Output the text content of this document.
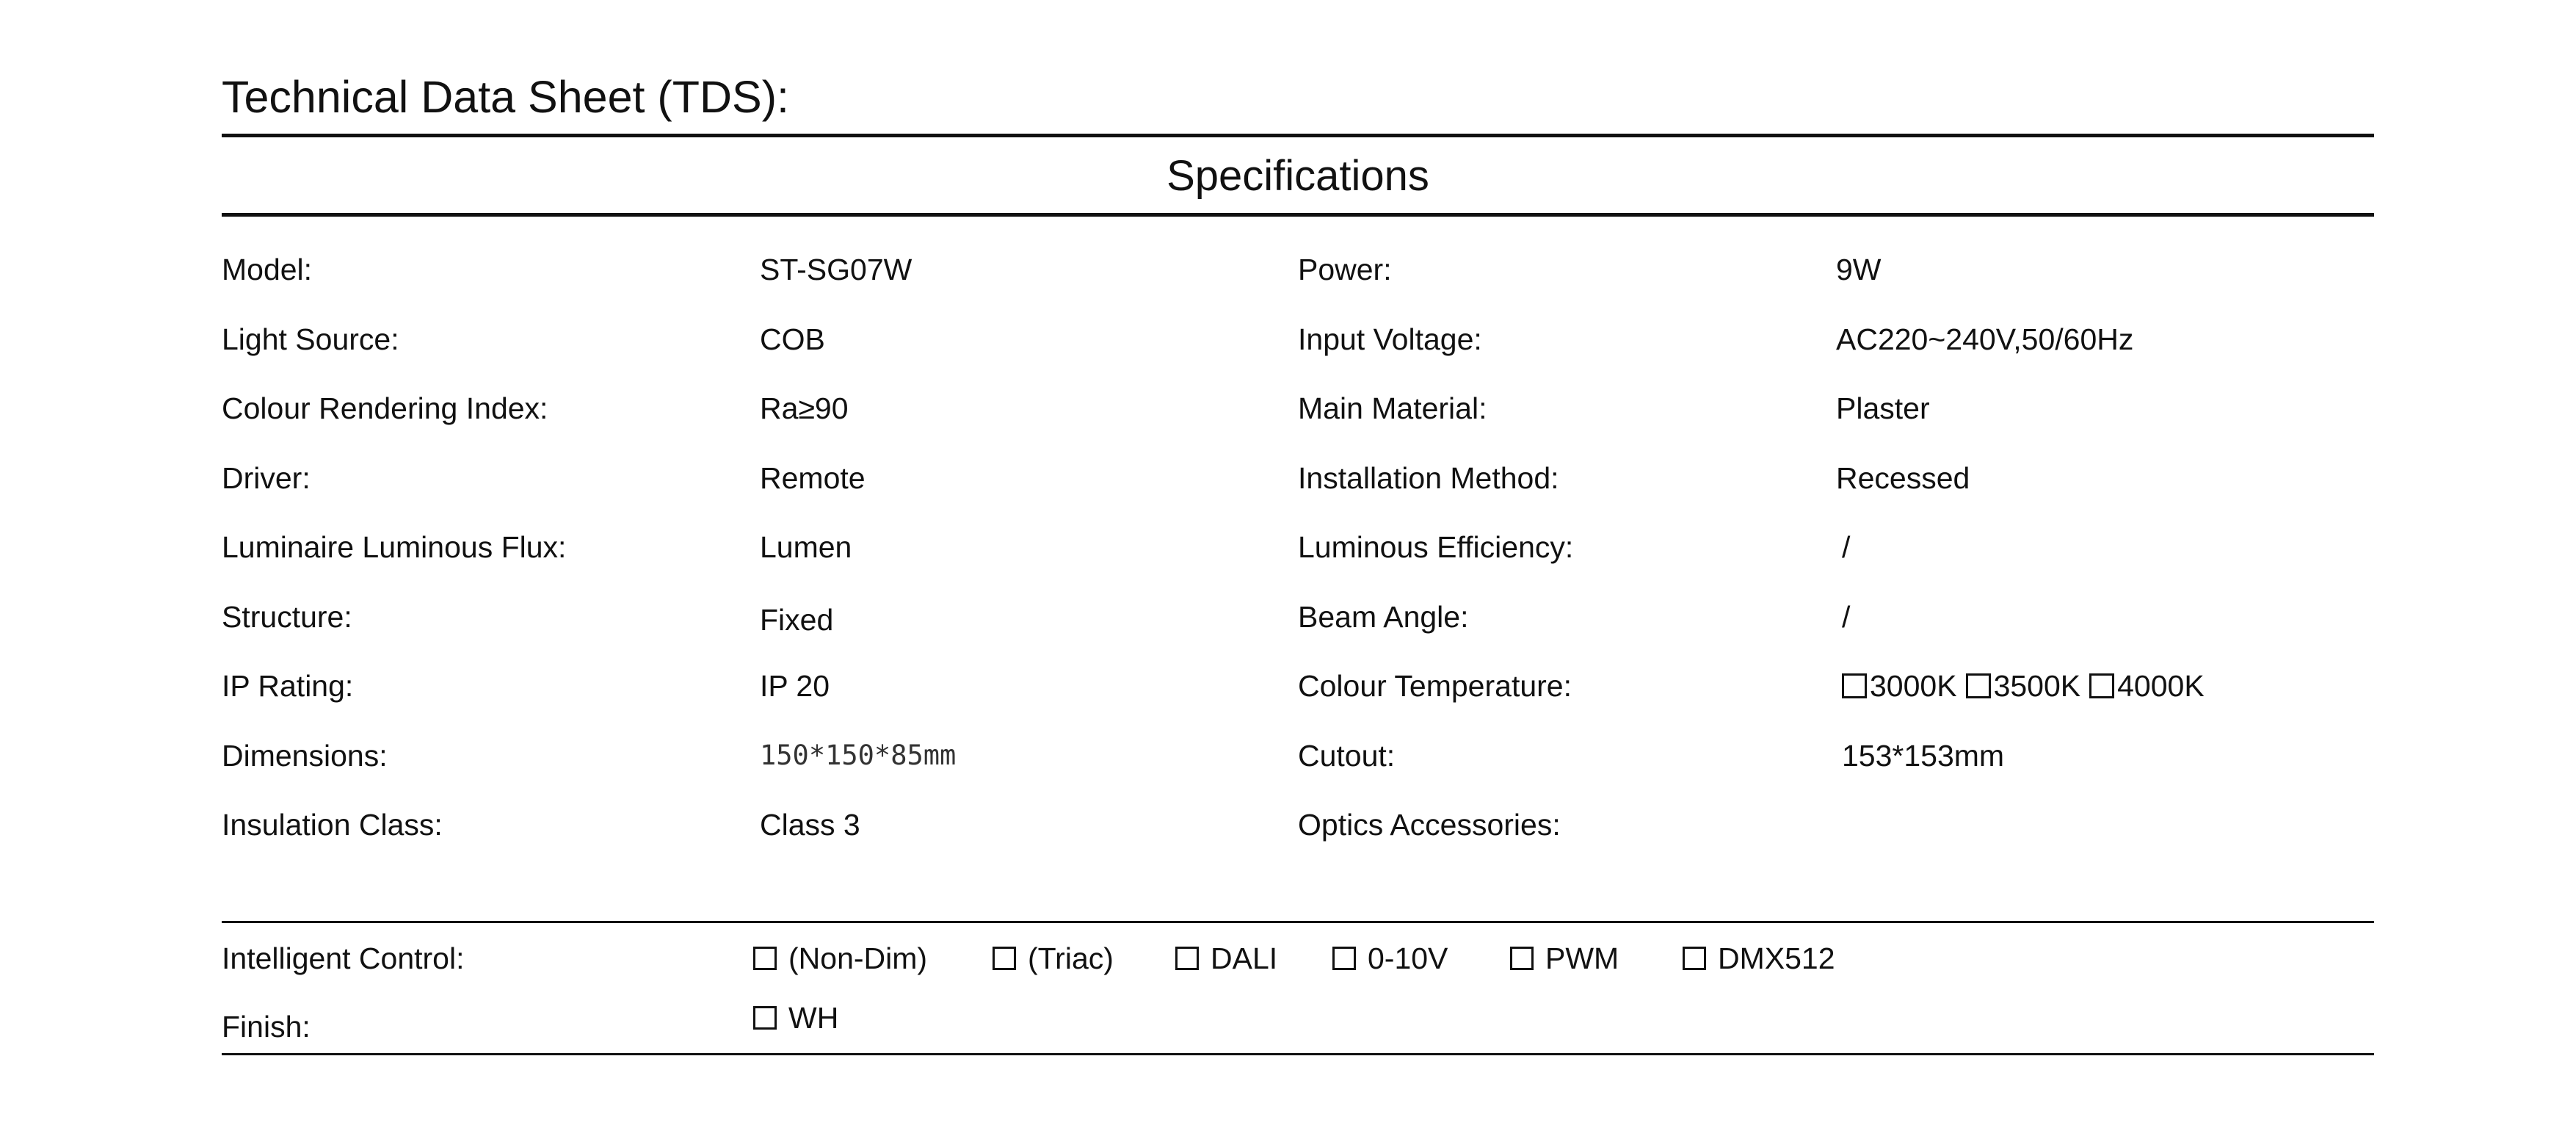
Technical Data Sheet (TDS):
Specifications
Model:	ST-SG07W	Power:	9W
Light Source:	COB	Input Voltage:	AC220~240V,50/60Hz
Colour Rendering Index:	Ra≥90	Main Material:	Plaster
Driver:	Remote	Installation Method:	Recessed
Luminaire Luminous Flux:	Lumen	Luminous Efficiency:	/
Structure:	Fixed	Beam Angle:	/
IP Rating:	IP 20	Colour Temperature:	3000K 3500K 4000K
Dimensions:	150*150*85mm	Cutout:	153*153mm
Insulation Class:	Class 3	Optics Accessories:
Intelligent Control:	(Non-Dim)	(Triac)	DALI	0-10V	PWM	DMX512
Finish:	WH
